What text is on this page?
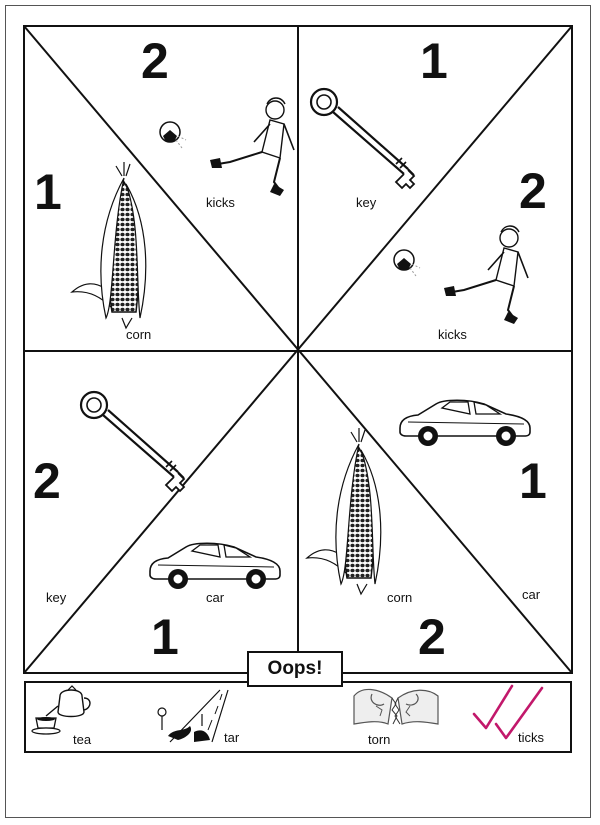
2	1
1	2
2	1
1	2
kicks	key
corn	kicks
key	car	corn	car
tea	tar	torn	ticks
Oops!
